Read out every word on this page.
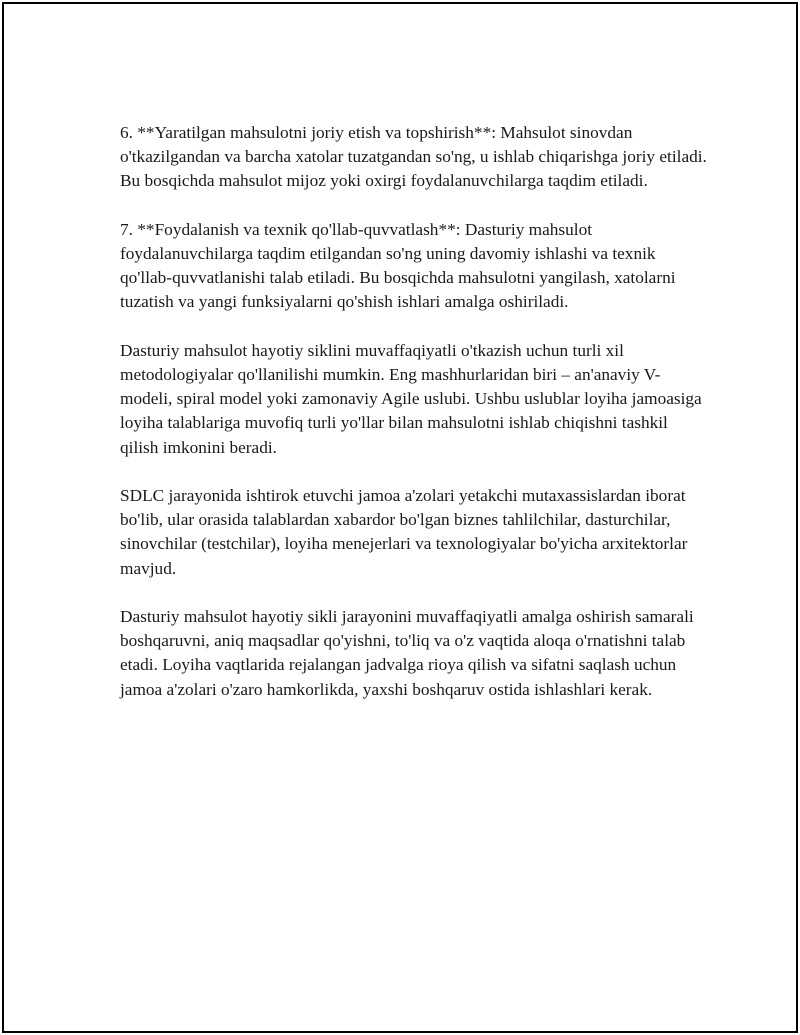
6. **Yaratilgan mahsulotni joriy etish va topshirish**: Mahsulot sinovdan o'tkazilgandan va barcha xatolar tuzatgandan so'ng, u ishlab chiqarishga joriy etiladi. Bu bosqichda mahsulot mijoz yoki oxirgi foydalanuvchilarga taqdim etiladi.

7. **Foydalanish va texnik qo'llab-quvvatlash**: Dasturiy mahsulot foydalanuvchilarga taqdim etilgandan so'ng uning davomiy ishlashi va texnik qo'llab-quvvatlanishi talab etiladi. Bu bosqichda mahsulotni yangilash, xatolarni tuzatish va yangi funksiyalarni qo'shish ishlari amalga oshiriladi.

Dasturiy mahsulot hayotiy siklini muvaffaqiyatli o'tkazish uchun turli xil metodologiyalar qo'llanilishi mumkin. Eng mashhurlaridan biri – an'anaviy V-modeli, spiral model yoki zamonaviy Agile uslubi. Ushbu uslublar loyiha jamoasiga loyiha talablariga muvofiq turli yo'llar bilan mahsulotni ishlab chiqishni tashkil qilish imkonini beradi.

SDLC jarayonida ishtirok etuvchi jamoa a'zolari yetakchi mutaxassislardan iborat bo'lib, ular orasida talablardan xabardor bo'lgan biznes tahlilchilar, dasturchilar, sinovchilar (testchilar), loyiha menejerlari va texnologiyalar bo'yicha arxitektorlar mavjud.

Dasturiy mahsulot hayotiy sikli jarayonini muvaffaqiyatli amalga oshirish samarali boshqaruvni, aniq maqsadlar qo'yishni, to'liq va o'z vaqtida aloqa o'rnatishni talab etadi. Loyiha vaqtlarida rejalangan jadvalga rioya qilish va sifatni saqlash uchun jamoa a'zolari o'zaro hamkorlikda, yaxshi boshqaruv ostida ishlashlari kerak.
